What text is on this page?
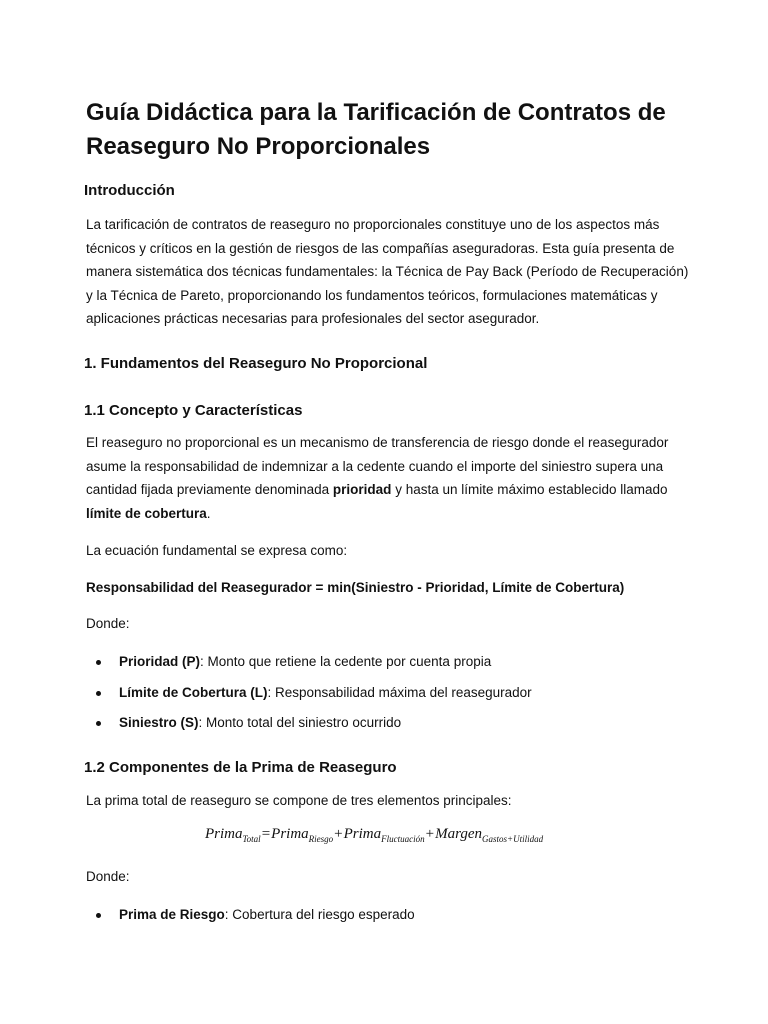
Guía Didáctica para la Tarificación de Contratos de
Reaseguro No Proporcionales
Introducción

La tarificación de contratos de reaseguro no proporcionales constituye uno de los aspectos más
técnicos y críticos en la gestión de riesgos de las compañías aseguradoras. Esta guía presenta de
manera sistemática dos técnicas fundamentales: la Técnica de Pay Back (Período de Recuperación)
y la Técnica de Pareto, proporcionando los fundamentos teóricos, formulaciones matemáticas y
aplicaciones prácticas necesarias para profesionales del sector asegurador.

1. Fundamentos del Reaseguro No Proporcional
1.1 Concepto y Características

El reaseguro no proporcional es un mecanismo de transferencia de riesgo donde el reasegurador
asume la responsabilidad de indemnizar a la cedente cuando el importe del siniestro supera una
cantidad fijada previamente denominada prioridad y hasta un límite máximo establecido llamado
límite de cobertura.

La ecuación fundamental se expresa como:

Responsabilidad del Reasegurador = min(Siniestro - Prioridad, Límite de Cobertura)

Donde:

Prioridad (P): Monto que retiene la cedente por cuenta propia
Límite de Cobertura (L): Responsabilidad máxima del reasegurador
Siniestro (S): Monto total del siniestro ocurrido
1.2 Componentes de la Prima de Reaseguro

La prima total de reaseguro se compone de tres elementos principales:

Prima$_{Total}$=Prima$_{Riesgo}$+Prima$_{Fluctuación}$+Margen$_{Gastos+Utilidad}$

Donde:

Prima de Riesgo: Cobertura del riesgo esperado
